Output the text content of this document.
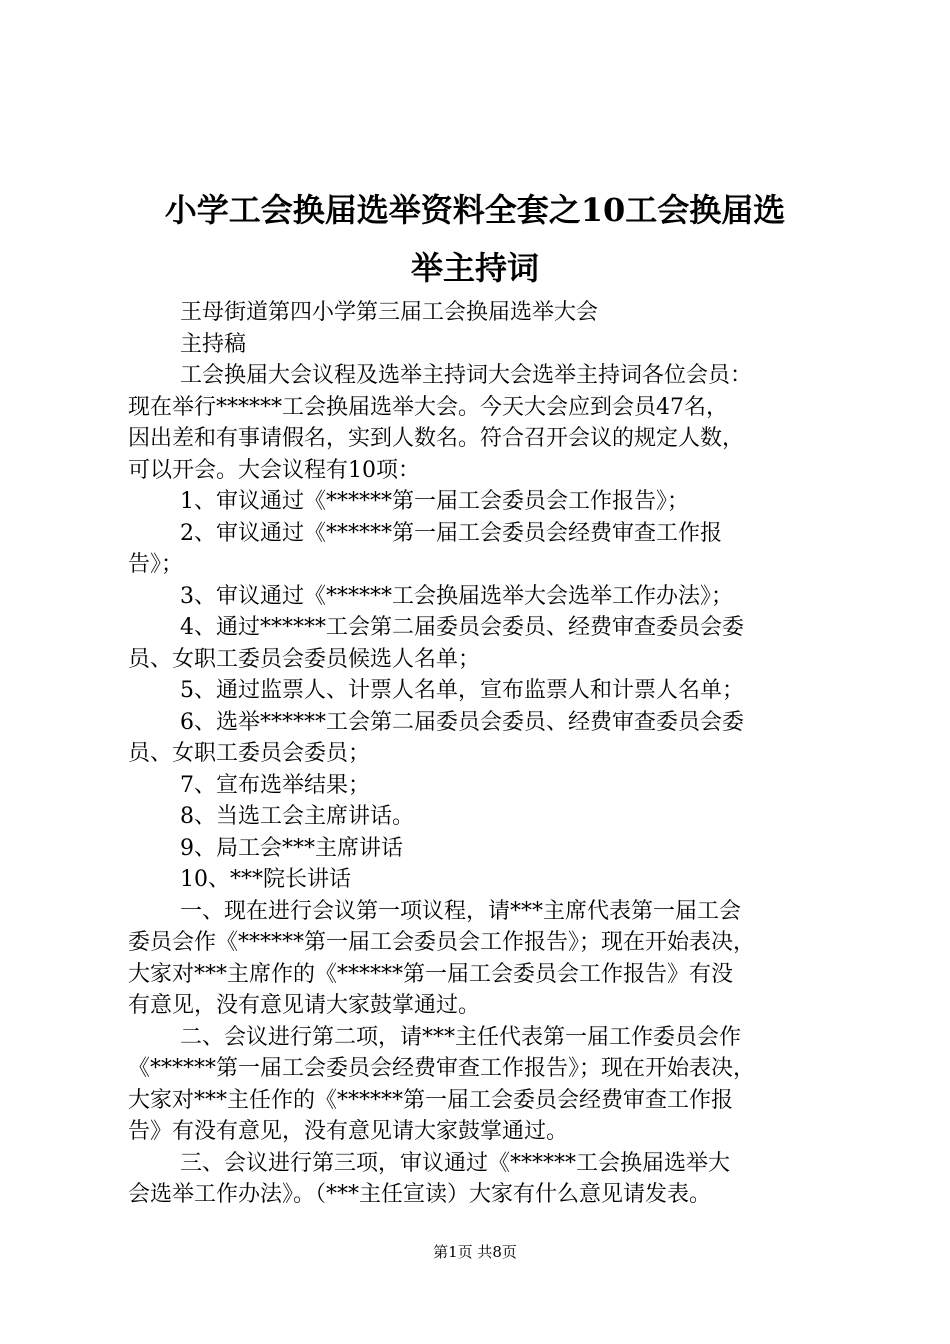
小学工会换届选举资料全套之10工会换届选
举主持词
王母街道第四小学第三届工会换届选举大会
主持稿
工会换届大会议程及选举主持词大会选举主持词各位会员：
现在举行******工会换届选举大会。今天大会应到会员47名，
因出差和有事请假名，实到人数名。符合召开会议的规定人数，
可以开会。大会议程有10项：
1、审议通过《******第一届工会委员会工作报告》；
2、审议通过《******第一届工会委员会经费审查工作报
告》；
3、审议通过《******工会换届选举大会选举工作办法》；
4、通过******工会第二届委员会委员、经费审查委员会委
员、女职工委员会委员候选人名单；
5、通过监票人、计票人名单，宣布监票人和计票人名单；
6、选举******工会第二届委员会委员、经费审查委员会委
员、女职工委员会委员；
7、宣布选举结果；
8、当选工会主席讲话。
9、局工会***主席讲话
10、***院长讲话
一、现在进行会议第一项议程，请***主席代表第一届工会
委员会作《******第一届工会委员会工作报告》；现在开始表决，
大家对***主席作的《******第一届工会委员会工作报告》有没
有意见，没有意见请大家鼓掌通过。
二、会议进行第二项，请***主任代表第一届工作委员会作
《******第一届工会委员会经费审查工作报告》；现在开始表决，
大家对***主任作的《******第一届工会委员会经费审查工作报
告》有没有意见，没有意见请大家鼓掌通过。
三、会议进行第三项，审议通过《******工会换届选举大
会选举工作办法》。（***主任宣读）大家有什么意见请发表。
第1页 共8页
